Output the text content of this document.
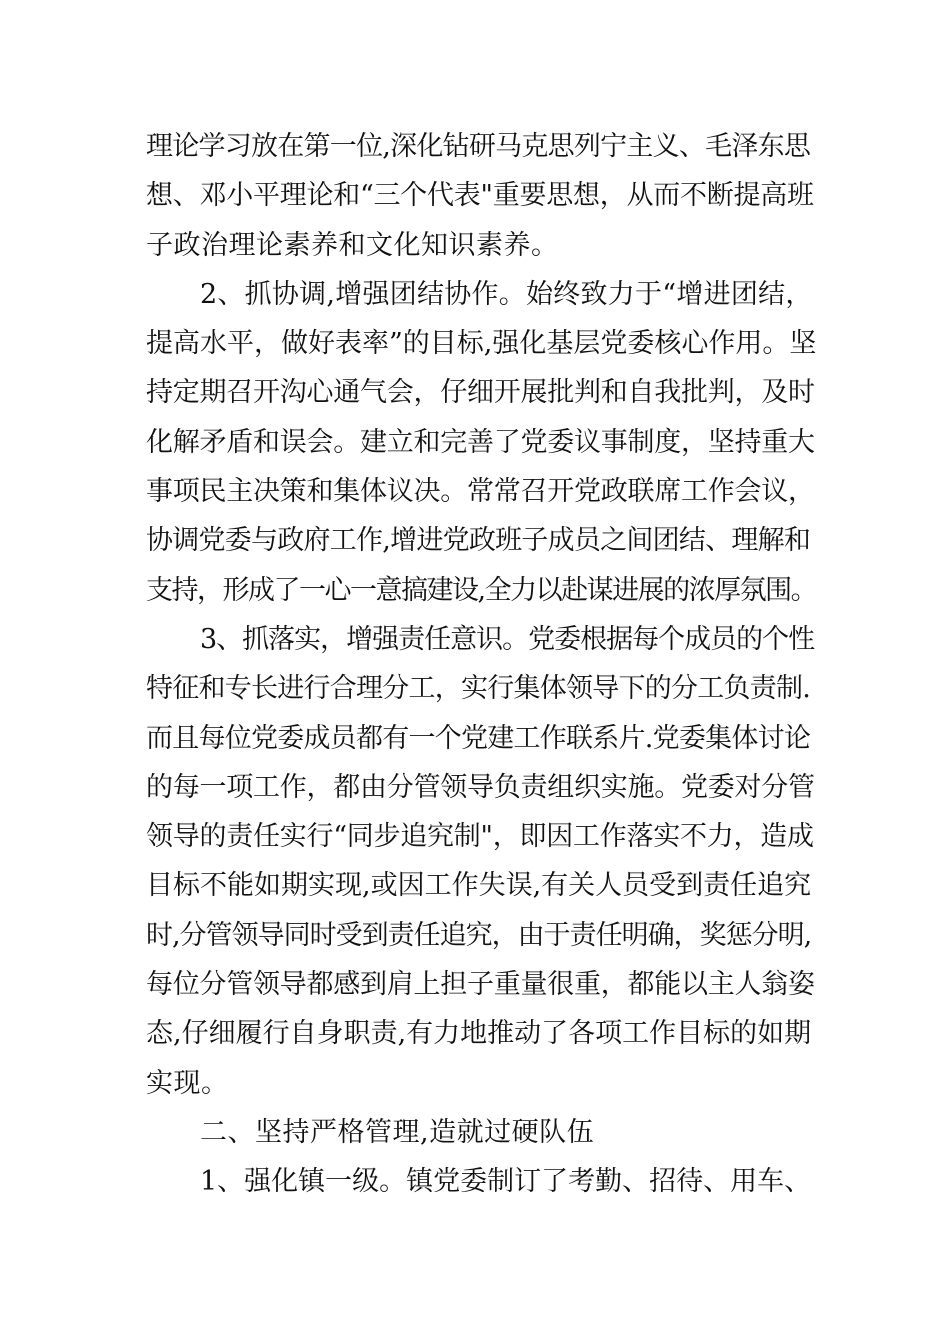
理论学习放在第一位,深化钻研马克思列宁主义、毛泽东思
想、邓小平理论和“三个代表"重要思想，从而不断提高班
子政治理论素养和文化知识素养。
2、抓协调,增强团结协作。始终致力于“增进团结，
提高水平，做好表率”的目标,强化基层党委核心作用。坚
持定期召开沟心通气会，仔细开展批判和自我批判，及时
化解矛盾和误会。建立和完善了党委议事制度，坚持重大
事项民主决策和集体议决。常常召开党政联席工作会议，
协调党委与政府工作,增进党政班子成员之间团结、理解和
支持，形成了一心一意搞建设,全力以赴谋进展的浓厚氛围。
3、抓落实，增强责任意识。党委根据每个成员的个性
特征和专长进行合理分工，实行集体领导下的分工负责制.
而且每位党委成员都有一个党建工作联系片.党委集体讨论
的每一项工作，都由分管领导负责组织实施。党委对分管
领导的责任实行“同步追究制"，即因工作落实不力，造成
目标不能如期实现,或因工作失误,有关人员受到责任追究
时,分管领导同时受到责任追究，由于责任明确，奖惩分明,
每位分管领导都感到肩上担子重量很重，都能以主人翁姿
态,仔细履行自身职责,有力地推动了各项工作目标的如期
实现。
二、坚持严格管理,造就过硬队伍
1、强化镇一级。镇党委制订了考勤、招待、用车、
